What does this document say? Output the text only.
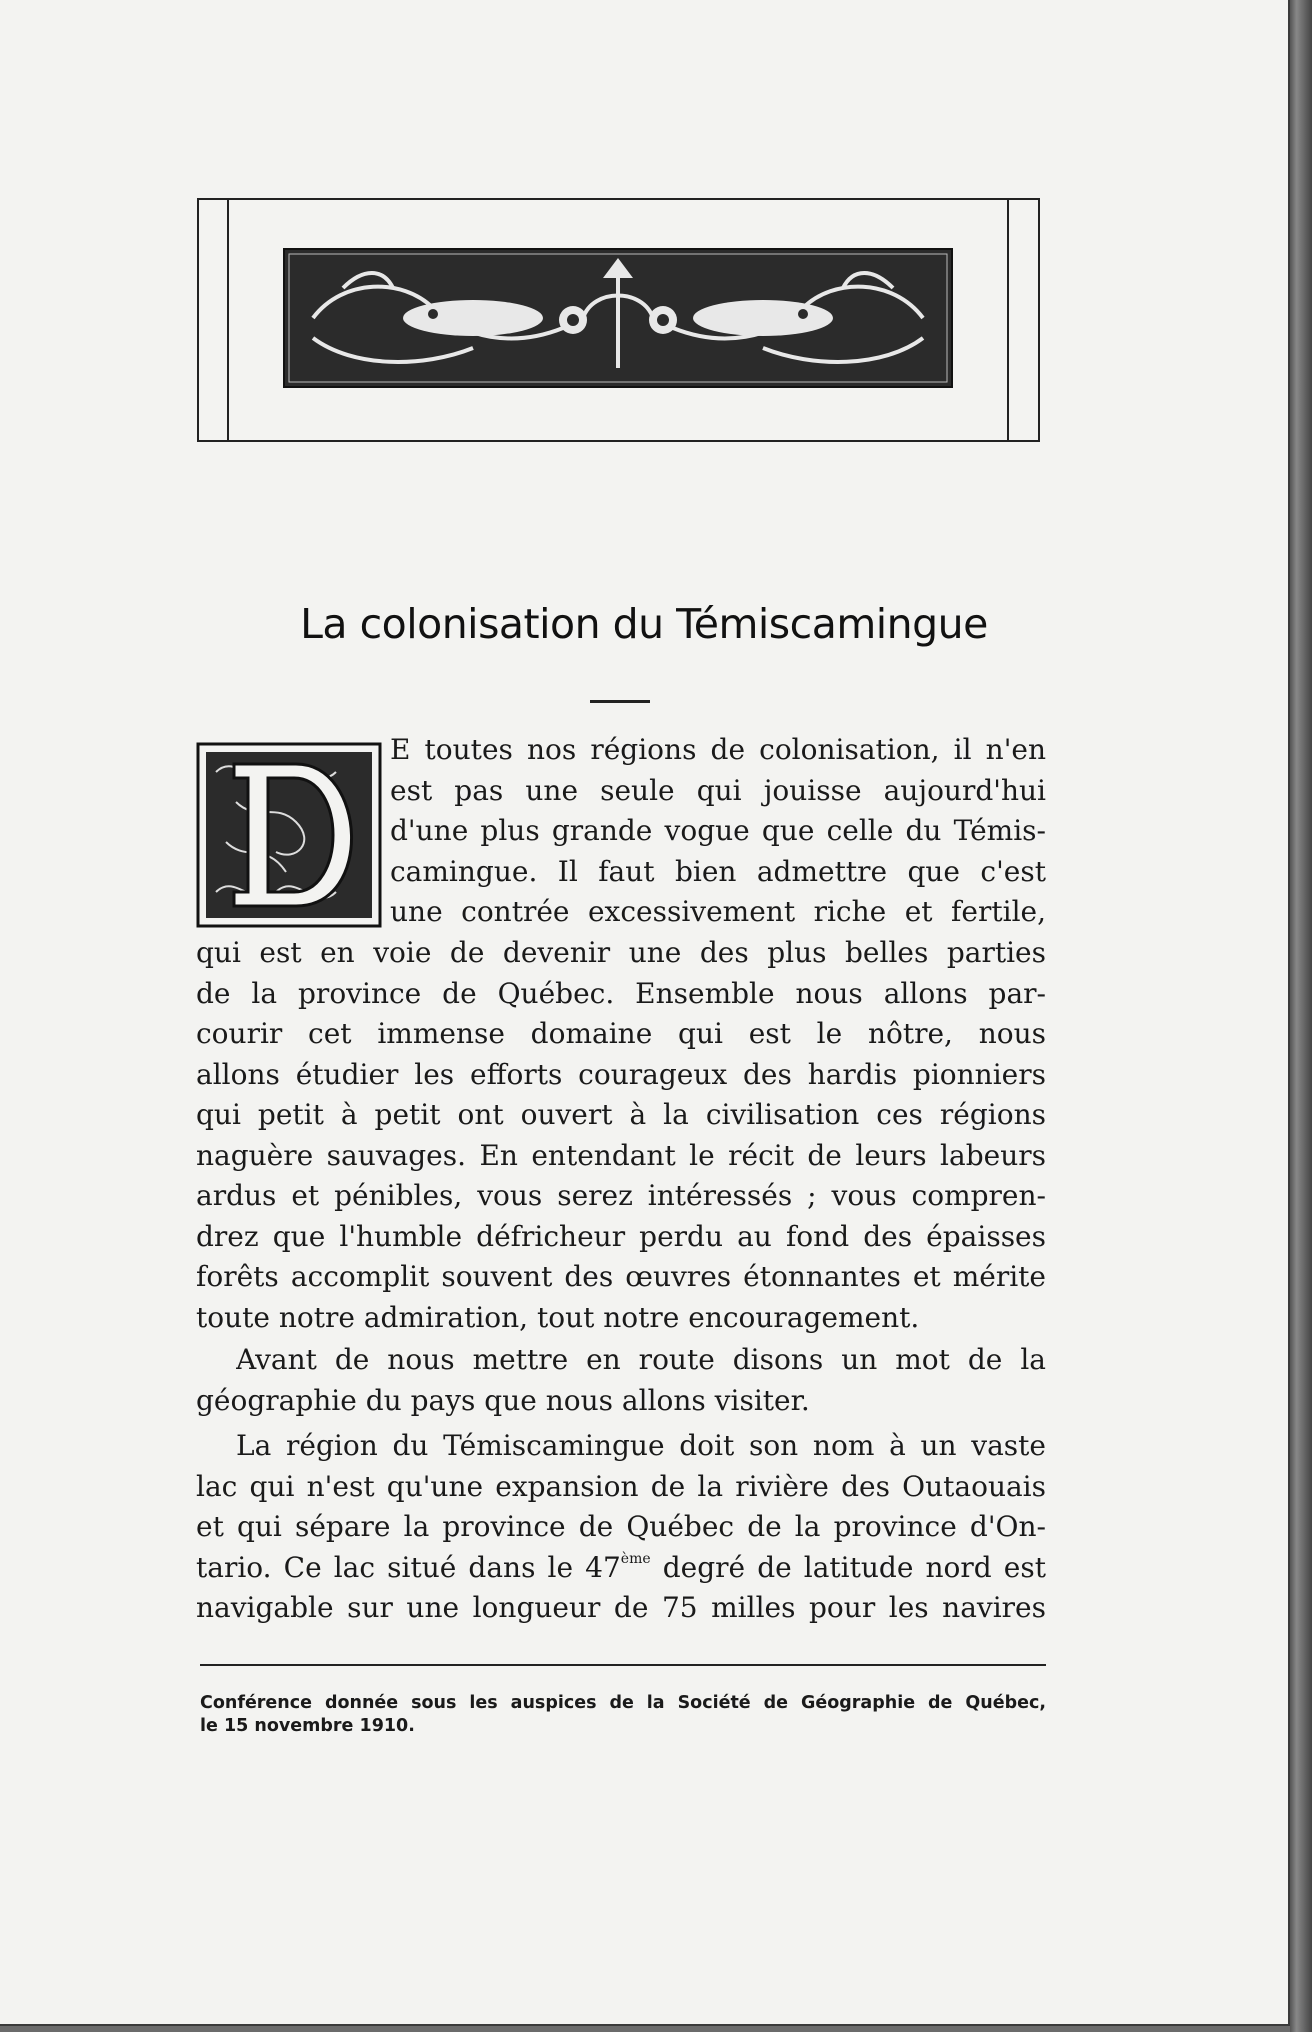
La colonisation du Témiscamingue
D	E toutes nos régions de colonisation, il n'en
est pas une seule qui jouisse aujourd'hui
d'une plus grande vogue que celle du Témis-
camingue. Il faut bien admettre que c'est
une contrée excessivement riche et fertile,
qui est en voie de devenir une des plus belles parties
de la province de Québec. Ensemble nous allons par-
courir cet immense domaine qui est le nôtre, nous
allons étudier les efforts courageux des hardis pionniers
qui petit à petit ont ouvert à la civilisation ces régions
naguère sauvages. En entendant le récit de leurs labeurs
ardus et pénibles, vous serez intéressés ; vous compren-
drez que l'humble défricheur perdu au fond des épaisses
forêts accomplit souvent des œuvres étonnantes et mérite
toute notre admiration, tout notre encouragement.
Avant de nous mettre en route disons un mot de la
géographie du pays que nous allons visiter.
La région du Témiscamingue doit son nom à un vaste
lac qui n'est qu'une expansion de la rivière des Outaouais
et qui sépare la province de Québec de la province d'On-
tario. Ce lac situé dans le 47ème degré de latitude nord est
navigable sur une longueur de 75 milles pour les navires
Conférence donnée sous les auspices de la Société de Géographie de Québec,
le 15 novembre 1910.
